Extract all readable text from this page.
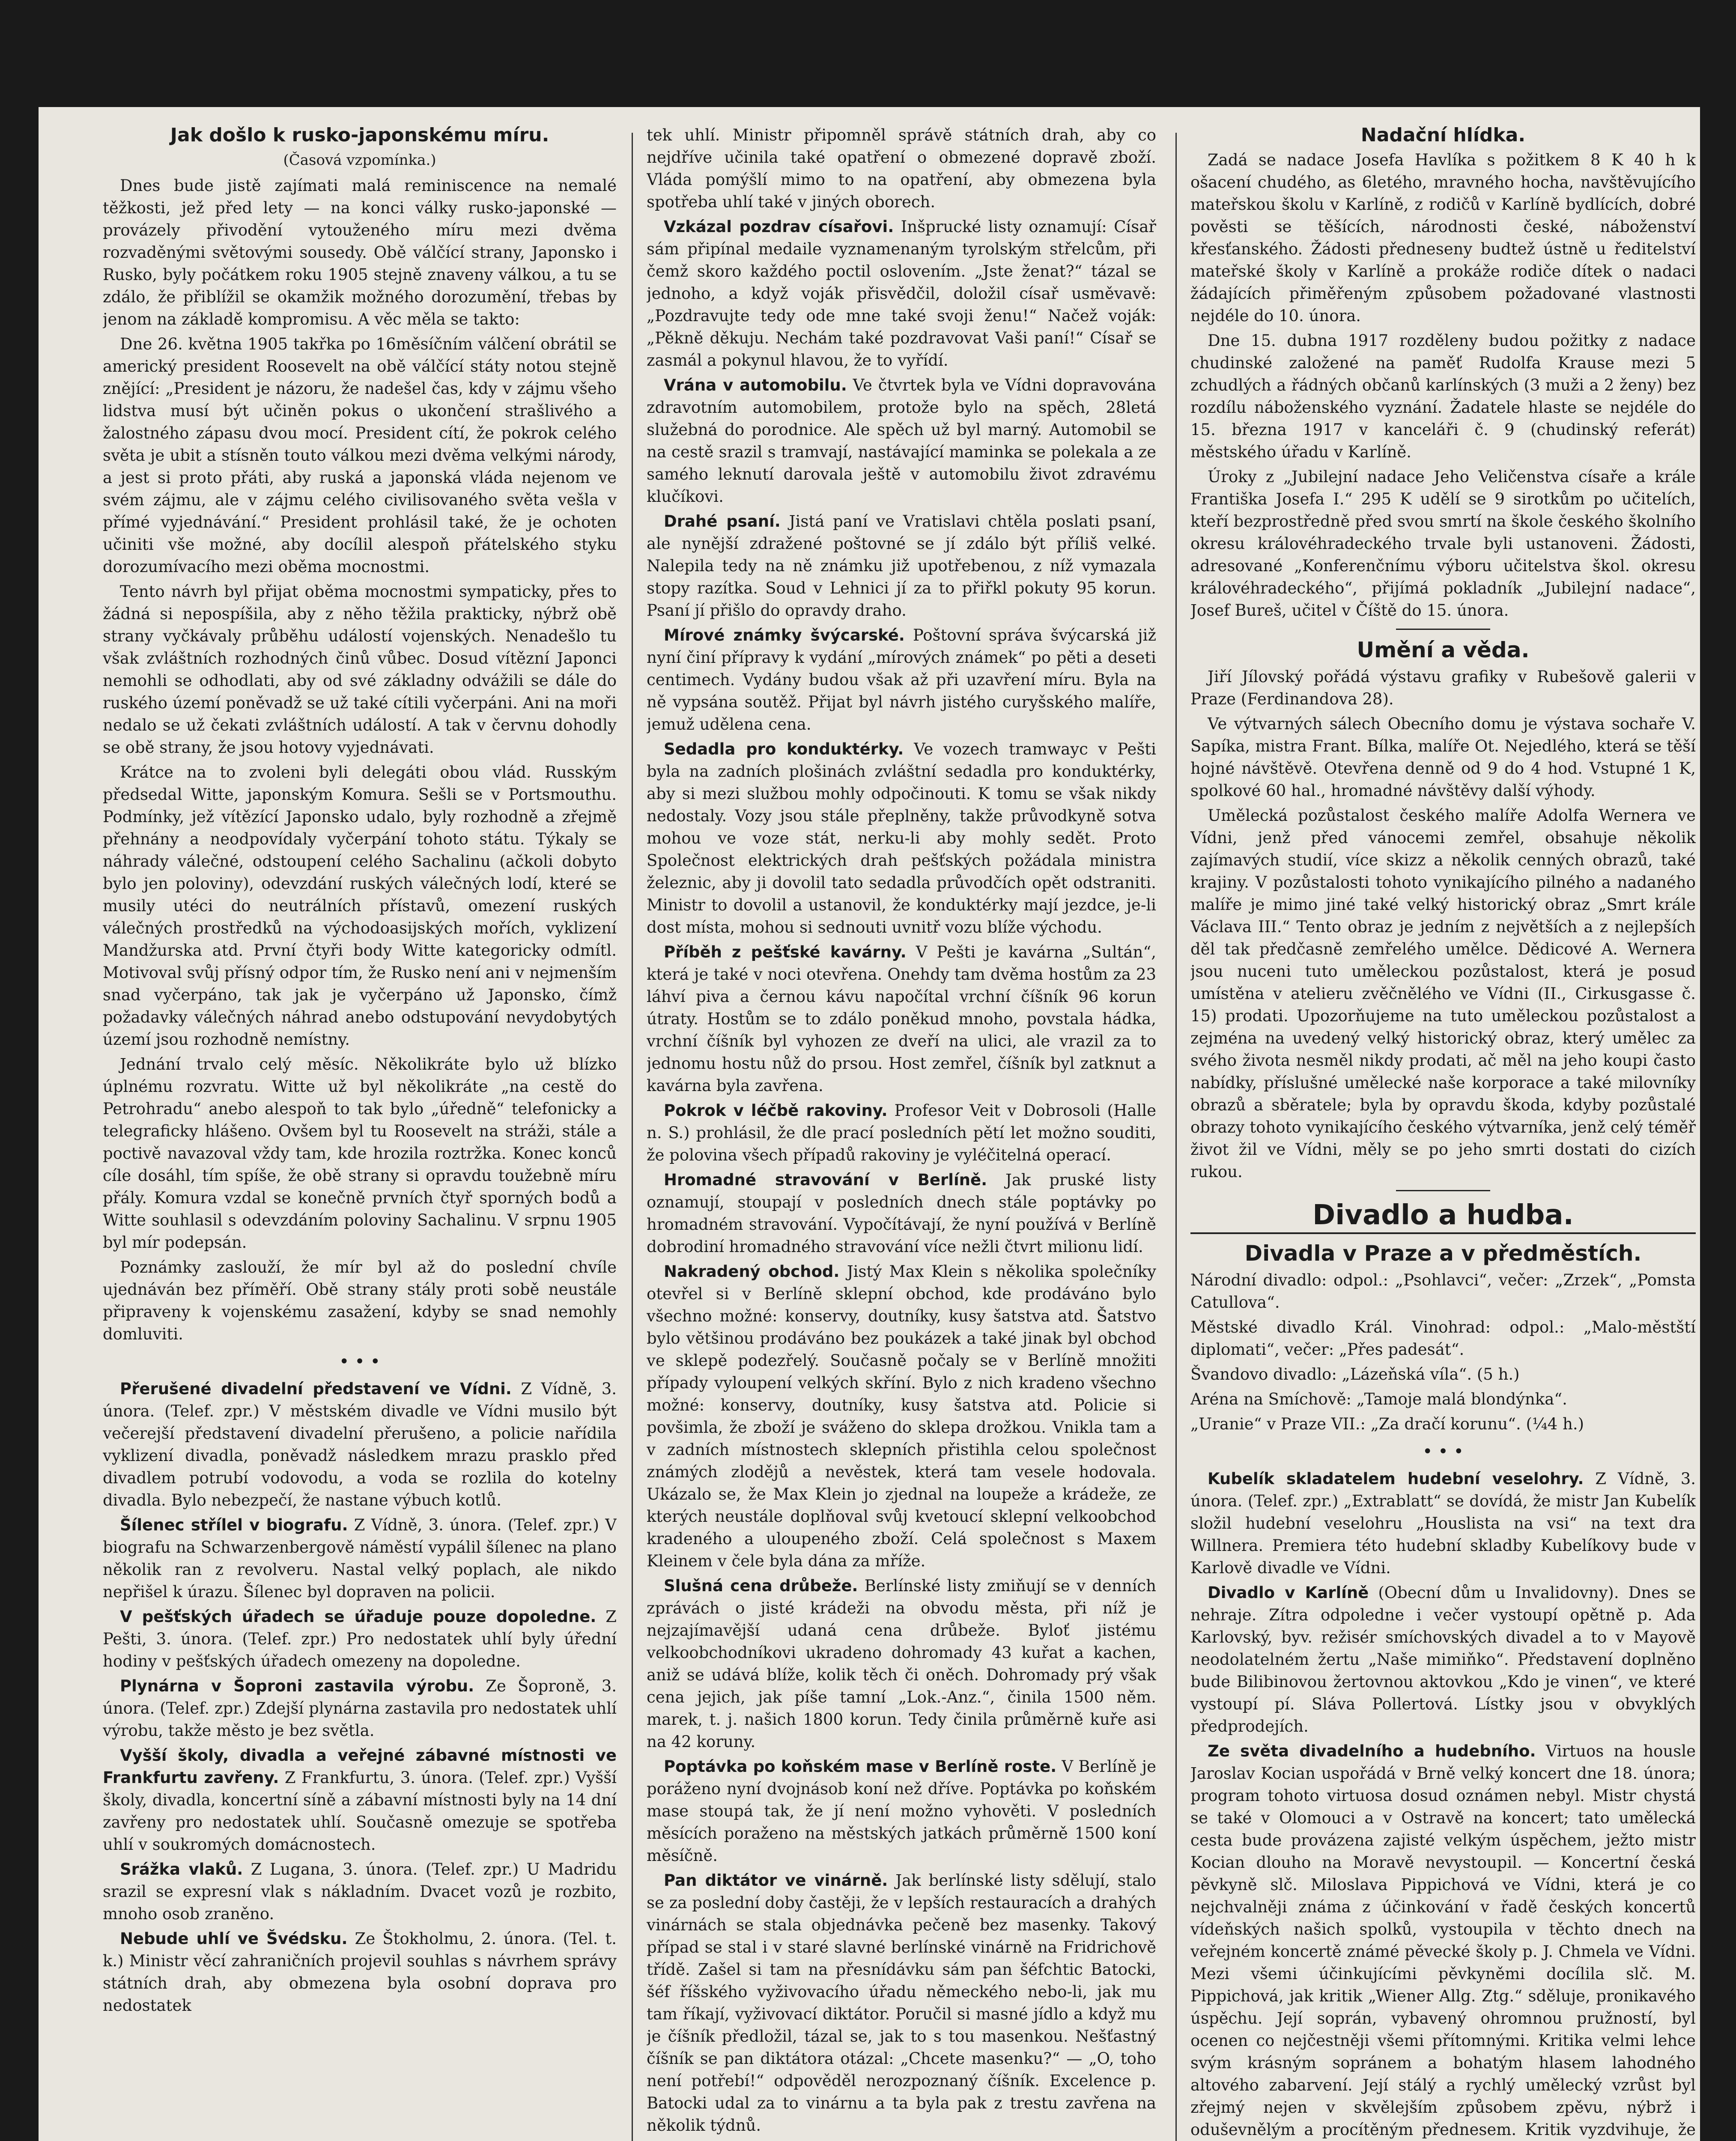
Jak došlo k rusko-japonskému míru.
(Časová vzpomínka.)

Dnes bude jistě zajímati malá reminiscence na nemalé těžkosti, jež před lety — na konci války rusko-japonské — provázely přivodění vytouženého míru mezi dvěma rozvaděnými světovými sousedy. Obě válčící strany, Japonsko i Rusko, byly počátkem roku 1905 stejně znaveny válkou, a tu se zdálo, že přiblížil se okamžik možného dorozumění, třebas by jenom na základě kompromisu. A věc měla se takto:

Dne 26. května 1905 takřka po 16měsíčním válčení obrátil se americký president Roosevelt na obě válčící státy notou stejně znějící: „President je názoru, že nadešel čas, kdy v zájmu všeho lidstva musí být učiněn pokus o ukončení strašlivého a žalostného zápasu dvou mocí. President cítí, že pokrok celého světa je ubit a stísněn touto válkou mezi dvěma velkými národy, a jest si proto přáti, aby ruská a japonská vláda nejenom ve svém zájmu, ale v zájmu celého civilisovaného světa vešla v přímé vyjednávání.“ President prohlásil také, že je ochoten učiniti vše možné, aby docílil alespoň přátelského styku dorozumívacího mezi oběma mocnostmi.

Tento návrh byl přijat oběma mocnostmi sympaticky, přes to žádná si nepospíšila, aby z něho těžila prakticky, nýbrž obě strany vyčkávaly průběhu událostí vojenských. Nenadešlo tu však zvláštních rozhodných činů vůbec. Dosud vítězní Japonci nemohli se odhodlati, aby od své základny odvážili se dále do ruského území poněvadž se už také cítili vyčerpáni. Ani na moři nedalo se už čekati zvláštních událostí. A tak v červnu dohodly se obě strany, že jsou hotovy vyjednávati.

Krátce na to zvoleni byli delegáti obou vlád. Rusským předsedal Witte, japonským Komura. Sešli se v Portsmouthu. Podmínky, jež vítězící Japonsko udalo, byly rozhodně a zřejmě přehnány a neodpovídaly vyčerpání tohoto státu. Týkaly se náhrady válečné, odstoupení celého Sachalinu (ačkoli dobyto bylo jen poloviny), odevzdání ruských válečných lodí, které se musily utéci do neutrálních přístavů, omezení ruských válečných prostředků na východoasijských mořích, vyklizení Mandžurska atd. První čtyři body Witte kategoricky odmítl. Motivoval svůj přísný odpor tím, že Rusko není ani v nejmenším snad vyčerpáno, tak jak je vyčerpáno už Japonsko, čímž požadavky válečných náhrad anebo odstupování nevydobytých území jsou rozhodně nemístny.

Jednání trvalo celý měsíc. Několikráte bylo už blízko úplnému rozvratu. Witte už byl několikráte „na cestě do Petrohradu“ anebo alespoň to tak bylo „úředně“ telefonicky a telegraficky hlášeno. Ovšem byl tu Roosevelt na stráži, stále a poctivě navazoval vždy tam, kde hrozila roztržka. Konec konců cíle dosáhl, tím spíše, že obě strany si opravdu toužebně míru přály. Komura vzdal se konečně prvních čtyř sporných bodů a Witte souhlasil s odevzdáním poloviny Sachalinu. V srpnu 1905 byl mír podepsán.

Poznámky zaslouží, že mír byl až do poslední chvíle ujednáván bez příměří. Obě strany stály proti sobě neustále připraveny k vojenskému zasažení, kdyby se snad nemohly domluviti.

• • •

Přerušené divadelní představení ve Vídni. Z Vídně, 3. února. (Telef. zpr.) V městském divadle ve Vídni musilo být večerejší představení divadelní přerušeno, a policie nařídila vyklizení divadla, poněvadž následkem mrazu prasklo před divadlem potrubí vodovodu, a voda se rozlila do kotelny divadla. Bylo nebezpečí, že nastane výbuch kotlů.

Šílenec střílel v biografu. Z Vídně, 3. února. (Telef. zpr.) V biografu na Schwarzenbergově náměstí vypálil šílenec na plano několik ran z revolveru. Nastal velký poplach, ale nikdo nepřišel k úrazu. Šílenec byl dopraven na policii.

V pešťských úřadech se úřaduje pouze dopoledne. Z Pešti, 3. února. (Telef. zpr.) Pro nedostatek uhlí byly úřední hodiny v pešťských úřadech omezeny na dopoledne.

Plynárna v Šoproni zastavila výrobu. Ze Šoproně, 3. února. (Telef. zpr.) Zdejší plynárna zastavila pro nedostatek uhlí výrobu, takže město je bez světla.

Vyšší školy, divadla a veřejné zábavné místnosti ve Frankfurtu zavřeny. Z Frankfurtu, 3. února. (Telef. zpr.) Vyšší školy, divadla, koncertní síně a zábavní místnosti byly na 14 dní zavřeny pro nedostatek uhlí. Současně omezuje se spotřeba uhlí v soukromých domácnostech.

Srážka vlaků. Z Lugana, 3. února. (Telef. zpr.) U Madridu srazil se expresní vlak s nákladním. Dvacet vozů je rozbito, mnoho osob zraněno.

Nebude uhlí ve Švédsku. Ze Štokholmu, 2. února. (Tel. t. k.) Ministr věcí zahraničních projevil souhlas s návrhem správy státních drah, aby obmezena byla osobní doprava pro nedostatek

tek uhlí. Ministr připomněl správě státních drah, aby co nejdříve učinila také opatření o obmezené dopravě zboží. Vláda pomýšlí mimo to na opatření, aby obmezena byla spotřeba uhlí také v jiných oborech.

Vzkázal pozdrav císařovi. Inšprucké listy oznamují: Císař sám připínal medaile vyznamenaným tyrolským střelcům, při čemž skoro každého poctil oslovením. „Jste ženat?“ tázal se jednoho, a když voják přisvědčil, doložil císař usměvavě: „Pozdravujte tedy ode mne také svoji ženu!“ Načež voják: „Pěkně děkuju. Nechám také pozdravovat Vaši paní!“ Císař se zasmál a pokynul hlavou, že to vyřídí.

Vrána v automobilu. Ve čtvrtek byla ve Vídni dopravována zdravotním automobilem, protože bylo na spěch, 28letá služebná do porodnice. Ale spěch už byl marný. Automobil se na cestě srazil s tramvají, nastávající maminka se polekala a ze samého leknutí darovala ještě v automobilu život zdravému klučíkovi.

Drahé psaní. Jistá paní ve Vratislavi chtěla poslati psaní, ale nynější zdražené poštovné se jí zdálo být příliš velké. Nalepila tedy na ně známku již upotřebenou, z níž vymazala stopy razítka. Soud v Lehnici jí za to přiřkl pokuty 95 korun. Psaní jí přišlo do opravdy draho.

Mírové známky švýcarské. Poštovní správa švýcarská již nyní činí přípravy k vydání „mírových známek“ po pěti a deseti centimech. Vydány budou však až při uzavření míru. Byla na ně vypsána soutěž. Přijat byl návrh jistého curyšského malíře, jemuž udělena cena.

Sedadla pro konduktérky. Ve vozech tramwayc v Pešti byla na zadních plošinách zvláštní sedadla pro konduktérky, aby si mezi službou mohly odpočinouti. K tomu se však nikdy nedostaly. Vozy jsou stále přeplněny, takže průvodkyně sotva mohou ve voze stát, nerku-li aby mohly sedět. Proto Společnost elektrických drah pešťských požádala ministra železnic, aby ji dovolil tato sedadla průvodčích opět odstraniti. Ministr to dovolil a ustanovil, že konduktérky mají jezdce, je-li dost místa, mohou si sednouti uvnitř vozu blíže východu.

Příběh z pešťské kavárny. V Pešti je kavárna „Sultán“, která je také v noci otevřena. Onehdy tam dvěma hostům za 23 láhví piva a černou kávu napočítal vrchní číšník 96 korun útraty. Hostům se to zdálo poněkud mnoho, povstala hádka, vrchní číšník byl vyhozen ze dveří na ulici, ale vrazil za to jednomu hostu nůž do prsou. Host zemřel, číšník byl zatknut a kavárna byla zavřena.

Pokrok v léčbě rakoviny. Profesor Veit v Dobrosoli (Halle n. S.) prohlásil, že dle prací posledních pětí let možno souditi, že polovina všech případů rakoviny je vyléčitelná operací.

Hromadné stravování v Berlíně. Jak pruské listy oznamují, stoupají v posledních dnech stále poptávky po hromadném stravování. Vypočítávají, že nyní používá v Berlíně dobrodiní hromadného stravování více nežli čtvrt milionu lidí.

Nakradený obchod. Jistý Max Klein s několika společníky otevřel si v Berlíně sklepní obchod, kde prodáváno bylo všechno možné: konservy, doutníky, kusy šatstva atd. Šatstvo bylo většinou prodáváno bez poukázek a také jinak byl obchod ve sklepě podezřelý. Současně počaly se v Berlíně množiti případy vyloupení velkých skříní. Bylo z nich kradeno všechno možné: konservy, doutníky, kusy šatstva atd. Policie si povšimla, že zboží je sváženo do sklepa drožkou. Vnikla tam a v zadních místnostech sklepních přistihla celou společnost známých zlodějů a nevěstek, která tam vesele hodovala. Ukázalo se, že Max Klein jo zjednal na loupeže a krádeže, ze kterých neustále doplňoval svůj kvetoucí sklepní velkoobchod kradeného a uloupeného zboží. Celá společnost s Maxem Kleinem v čele byla dána za mříže.

Slušná cena drůbeže. Berlínské listy zmiňují se v denních zprávách o jisté krádeži na obvodu města, při níž je nejzajímavější udaná cena drůbeže. Byloť jistému velkoobchodníkovi ukradeno dohromady 43 kuřat a kachen, aniž se udává blíže, kolik těch či oněch. Dohromady prý však cena jejich, jak píše tamní „Lok.-Anz.“, činila 1500 něm. marek, t. j. našich 1800 korun. Tedy činila průměrně kuře asi na 42 koruny.

Poptávka po koňském mase v Berlíně roste. V Berlíně je poráženo nyní dvojnásob koní než dříve. Poptávka po koňském mase stoupá tak, že jí není možno vyhověti. V posledních měsících poraženo na městských jatkách průměrně 1500 koní měsíčně.

Pan diktátor ve vinárně. Jak berlínské listy sdělují, stalo se za poslední doby častěji, že v lepších restauracích a drahých vinárnách se stala objednávka pečeně bez masenky. Takový případ se stal i v staré slavné berlínské vinárně na Fridrichově třídě. Zašel si tam na přesnídávku sám pan šéfchtic Batocki, šéf říšského vyživovacího úřadu německého nebo-li, jak mu tam říkají, vyživovací diktátor. Poručil si masné jídlo a když mu je číšník předložil, tázal se, jak to s tou masenkou. Nešťastný číšník se pan diktátora otázal: „Chcete masenku?“ — „O, toho není potřebí!“ odpověděl nerozpoznaný číšník. Excelence p. Batocki udal za to vinárnu a ta byla pak z trestu zavřena na několik týdnů.

Nadační hlídka.

Zadá se nadace Josefa Havlíka s požitkem 8 K 40 h k ošacení chudého, as 6letého, mravného hocha, navštěvujícího mateřskou školu v Karlíně, z rodičů v Karlíně bydlících, dobré pověsti se těšících, národnosti české, náboženství křesťanského. Žádosti předneseny budtež ústně u ředitelství mateřské školy v Karlíně a prokáže rodiče dítek o nadaci žádajících přiměřeným způsobem požadované vlastnosti nejdéle do 10. února.

Dne 15. dubna 1917 rozděleny budou požitky z nadace chudinské založené na paměť Rudolfa Krause mezi 5 zchudlých a řádných občanů karlínských (3 muži a 2 ženy) bez rozdílu náboženského vyznání. Žadatele hlaste se nejdéle do 15. března 1917 v kanceláři č. 9 (chudinský referát) městského úřadu v Karlíně.

Úroky z „Jubilejní nadace Jeho Veličenstva císaře a krále Františka Josefa I.“ 295 K udělí se 9 sirotkům po učitelích, kteří bezprostředně před svou smrtí na škole českého školního okresu královéhradeckého trvale byli ustanoveni. Žádosti, adresované „Konferenčnímu výboru učitelstva škol. okresu královéhradeckého“, přijímá pokladník „Jubilejní nadace“, Josef Bureš, učitel v Číště do 15. února.

Umění a věda.

Jiří Jílovský pořádá výstavu grafiky v Rubešově galerii v Praze (Ferdinandova 28).

Ve výtvarných sálech Obecního domu je výstava sochaře V. Sapíka, mistra Frant. Bílka, malíře Ot. Nejedlého, která se těší hojné návštěvě. Otevřena denně od 9 do 4 hod. Vstupné 1 K, spolkové 60 hal., hromadné návštěvy další výhody.

Umělecká pozůstalost českého malíře Adolfa Wernera ve Vídni, jenž před vánocemi zemřel, obsahuje několik zajímavých studií, více skizz a několik cenných obrazů, také krajiny. V pozůstalosti tohoto vynikajícího pilného a nadaného malíře je mimo jiné také velký historický obraz „Smrt krále Václava III.“ Tento obraz je jedním z největších a z nejlepších děl tak předčasně zemřelého umělce. Dědicové A. Wernera jsou nuceni tuto uměleckou pozůstalost, která je posud umístěna v atelieru zvěčnělého ve Vídni (II., Cirkusgasse č. 15) prodati. Upozorňujeme na tuto uměleckou pozůstalost a zejména na uvedený velký historický obraz, který umělec za svého života nesměl nikdy prodati, ač měl na jeho koupi často nabídky, příslušné umělecké naše korporace a také milovníky obrazů a sběratele; byla by opravdu škoda, kdyby pozůstalé obrazy tohoto vynikajícího českého výtvarníka, jenž celý téměř život žil ve Vídni, měly se po jeho smrti dostati do cizích rukou.

Divadlo a hudba.
Divadla v Praze a v předměstích.

Národní divadlo: odpol.: „Psohlavci“, večer: „Zrzek“, „Pomsta Catullova“.

Městské divadlo Král. Vinohrad: odpol.: „Malo-městští diplomati“, večer: „Přes padesát“.

Švandovo divadlo: „Lázeňská víla“. (5 h.)

Aréna na Smíchově: „Tamoje malá blondýnka“.

„Uranie“ v Praze VII.: „Za dračí korunu“. (¼4 h.)

• • •

Kubelík skladatelem hudební veselohry. Z Vídně, 3. února. (Telef. zpr.) „Extrablatt“ se dovídá, že mistr Jan Kubelík složil hudební veselohru „Houslista na vsi“ na text dra Willnera. Premiera této hudební skladby Kubelíkovy bude v Karlově divadle ve Vídni.

Divadlo v Karlíně (Obecní dům u Invalidovny). Dnes se nehraje. Zítra odpoledne i večer vystoupí opětně p. Ada Karlovský, byv. režisér smíchovských divadel a to v Mayově neodolatelném žertu „Naše mimiňko“. Představení doplněno bude Bilibinovou žertovnou aktovkou „Kdo je vinen“, ve které vystoupí pí. Sláva Pollertová. Lístky jsou v obvyklých předprodejích.

Ze světa divadelního a hudebního. Virtuos na housle Jaroslav Kocian uspořádá v Brně velký koncert dne 18. února; program tohoto virtuosa dosud oznámen nebyl. Mistr chystá se také v Olomouci a v Ostravě na koncert; tato umělecká cesta bude provázena zajisté velkým úspěchem, ježto mistr Kocian dlouho na Moravě nevystoupil. — Koncertní česká pěvkyně slč. Miloslava Pippichová ve Vídni, která je co nejchvalněji známa z účinkování v řadě českých koncertů vídeňských našich spolků, vystoupila v těchto dnech na veřejném koncertě známé pěvecké školy p. J. Chmela ve Vídni. Mezi všemi účinkujícími pěvkyněmi docílila slč. M. Pippichová, jak kritik „Wiener Allg. Ztg.“ sděluje, pronikavého úspěchu. Její soprán, vybavený ohromnou pružností, byl ocenen co nejčestněji všemi přítomnými. Kritika velmi lehce svým krásným sopránem a bohatým hlasem lahodného altového zabarvení. Její stálý a rychlý umělecký vzrůst byl zřejmý nejen v skvělejším způsobem zpěvu, nýbrž i oduševnělým a procítěným přednesem. Kritik vyzdvihuje, že
